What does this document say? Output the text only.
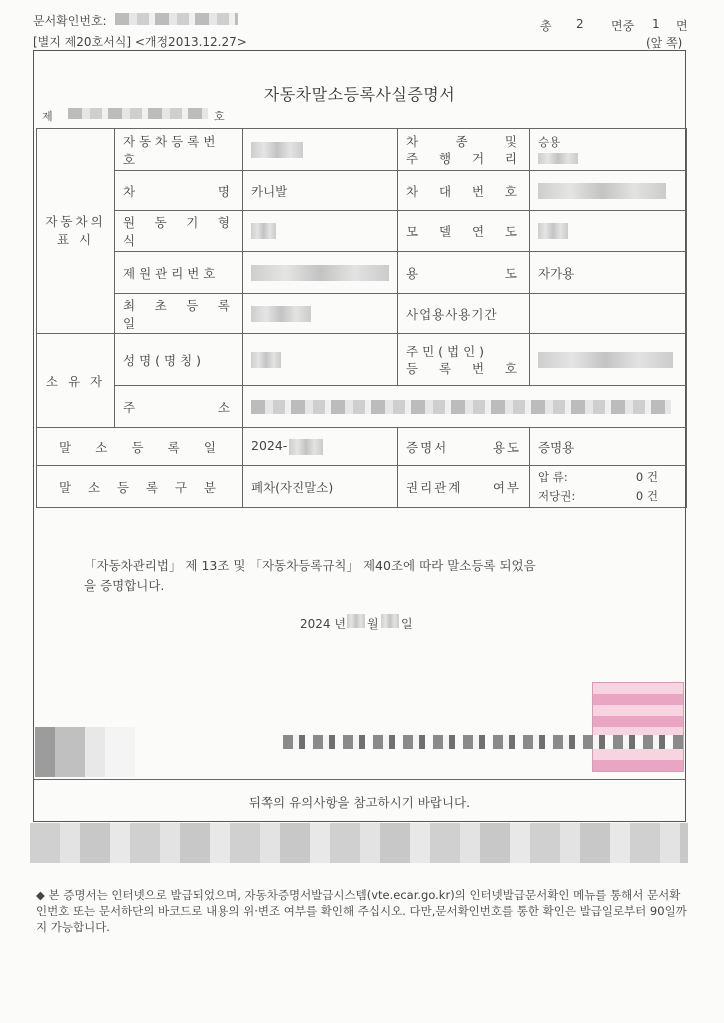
문서확인번호:
[별지 제20호서식] <개정2013.12.27>
총 2 면중 1 면
(앞 쪽)
자동차말소등록사실증명서
제	호
자동차의 표 시	자동차등록번호		차 종 및
주 행 거 리	승용

	차 명	카니발	차 대 번 호	
	원 동 기 형 식		모 델 연 도	
	제원관리번호		용 도	자가용
	최 초 등 록 일		사업용사용기간	
소 유 자	성명(명칭)		주민(법인)
등 록 번 호	

	주 소			
말 소 등 록 일		2024-	증명서 용도	증명용
말 소 등 록 구 분		폐차(자진말소)	권리관계 여부	압 류: 0 건
저당권: 0 건
「자동차관리법」 제 13조 및 「자동차등록규칙」 제40조에 따라 말소등록 되었음
을 증명합니다.
2024 년 월 일
뒤쪽의 유의사항을 참고하시기 바랍니다.
◆ 본 증명서는 인터넷으로 발급되었으며, 자동차증명서발급시스템(vte.ecar.go.kr)의 인터넷발급문서확인 메뉴를 통해서 문서확인번호 또는 문서하단의 바코드로 내용의 위·변조 여부를 확인해 주십시오. 다만,문서확인번호를 통한 확인은 발급일로부터 90일까지 가능합니다.
